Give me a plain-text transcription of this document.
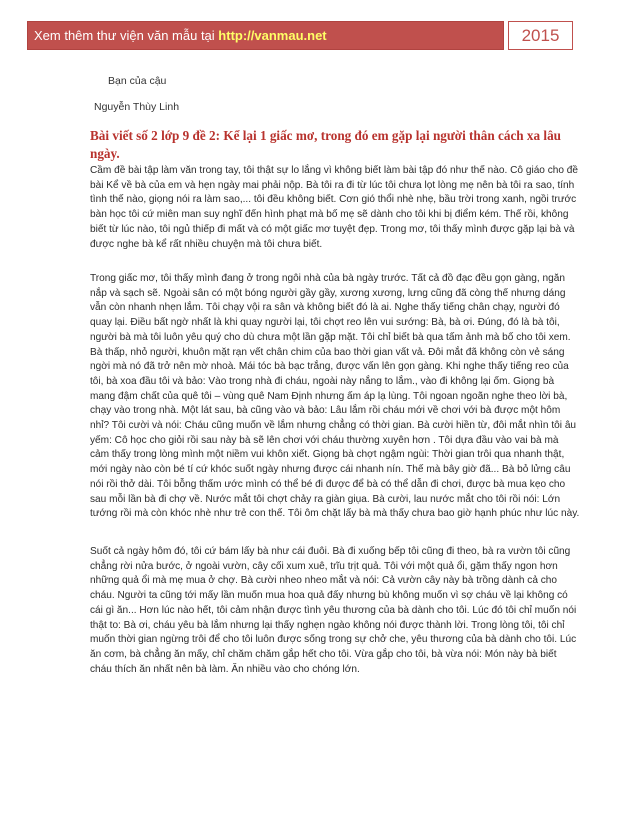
Xem thêm thư viện văn mẫu tại http://vanmau.net	2015
Bạn của cậu
Nguyễn Thùy Linh
Bài viết số 2 lớp 9 đề 2: Kể lại 1 giấc mơ, trong đó em gặp lại người thân cách xa lâu ngày.

Cầm đề bài tập làm văn trong tay, tôi thật sự lo lắng vì không biết làm bài tập đó như thế nào. Cô giáo cho đề bài Kể về bà của em và hẹn ngày mai phải nộp. Bà tôi ra đi từ lúc tôi chưa lọt lòng mẹ nên bà tôi ra sao, tính tình thế nào, giọng nói ra làm sao,... tôi đều không biết. Cơn gió thổi nhè nhẹ, bầu trời trong xanh, ngồi trước bàn học tôi cứ miên man suy nghĩ đến hình phạt mà bố mẹ sẽ dành cho tôi khi bị điểm kém. Thế rồi, không biết từ lúc nào, tôi ngủ thiếp đi mất và có một giấc mơ tuyệt đẹp. Trong mơ, tôi thấy mình được gặp lại bà và được nghe bà kể rất nhiều chuyện mà tôi chưa biết.

Trong giấc mơ, tôi thấy mình đang ở trong ngôi nhà của bà ngày trước. Tất cả đồ đạc đều gọn gàng, ngăn nắp và sạch sẽ. Ngoài sân có một bóng người gầy gầy, xương xương, lưng cũng đã còng thế nhưng dáng vẫn còn nhanh nhẹn lắm. Tôi chạy vội ra sân và không biết đó là ai. Nghe thấy tiếng chân chạy, người đó quay lại. Điều bất ngờ nhất là khi quay người lại, tôi chợt reo lên vui sướng: Bà, bà ơi. Đúng, đó là bà tôi, người bà mà tôi luôn yêu quý cho dù chưa một lần gặp mặt. Tôi chỉ biết bà qua tấm ảnh mà bố cho tôi xem. Bà thấp, nhỏ người, khuôn mặt rạn vết chân chim của bao thời gian vất vả. Đôi mắt đã không còn vẻ sáng ngời mà nó đã trở nên mờ nhoà. Mái tóc bà bạc trắng, được vấn lên gọn gàng. Khi nghe thấy tiếng reo của tôi, bà xoa đầu tôi và bảo: Vào trong nhà đi cháu, ngoài này nắng to lắm., vào đi không lại ốm. Giọng bà mang đậm chất của quê tôi – vùng quê Nam Định nhưng ấm áp lạ lùng. Tôi ngoan ngoãn nghe theo lời bà, chạy vào trong nhà. Một lát sau, bà cũng vào và bảo: Lâu lắm rồi cháu mới về chơi với bà được một hôm nhỉ? Tôi cười và nói: Cháu cũng muốn về lắm nhưng chẳng có thời gian. Bà cười hiền từ, đôi mắt nhìn tôi âu yếm: Cô học cho giỏi rồi sau này bà sẽ lên chơi với cháu thường xuyên hơn . Tôi dựa đầu vào vai bà mà cảm thấy trong lòng mình một niềm vui khôn xiết. Giọng bà chợt ngậm ngùi: Thời gian trôi qua nhanh thật, mới ngày nào còn bé tí cứ khóc suốt ngày nhưng được cái nhanh nín. Thế mà bây giờ đã... Bà bỏ lửng câu nói rồi thở dài. Tôi bỗng thấm ước mình có thể bé đi được để bà có thể dẫn đi chơi, được bà mua kẹo cho sau mỗi lần bà đi chợ về. Nước mắt tôi chợt chảy ra giàn giụa. Bà cười, lau nước mắt cho tôi rồi nói: Lớn tướng rồi mà còn khóc nhè như trẻ con thế. Tôi ôm chặt lấy bà mà thấy chưa bao giờ hạnh phúc như lúc này.

Suốt cả ngày hôm đó, tôi cứ bám lấy bà như cái đuôi. Bà đi xuống bếp tôi cũng đi theo, bà ra vườn tôi cũng chẳng rời nửa bước, ở ngoài vườn, cây cối xum xuê, trĩu trịt quả. Tôi với một quả ổi, gặm thấy ngon hơn những quả ổi mà mẹ mua ở chợ. Bà cười nheo nheo mắt và nói: Cả vườn cây này bà trồng dành cả cho cháu. Người ta cũng tới mấy lần muốn mua hoa quả đấy nhưng bù không muốn vì sợ cháu về lại không có cái gì ăn... Hơn lúc nào hết, tôi cảm nhận được tình yêu thương của bà dành cho tôi. Lúc đó tôi chỉ muốn nói thật to: Bà ơi, cháu yêu bà lắm nhưng lại thấy nghẹn ngào không nói được thành lời. Trong lòng tôi, tôi chỉ muốn thời gian ngừng trôi để cho tôi luôn được sống trong sự chở che, yêu thương của bà dành cho tôi. Lúc ăn cơm, bà chẳng ăn mấy, chỉ chăm chăm gắp hết cho tôi. Vừa gắp cho tôi, bà vừa nói: Món này bà biết cháu thích ăn nhất nên bà làm. Ăn nhiều vào cho chóng lớn.
